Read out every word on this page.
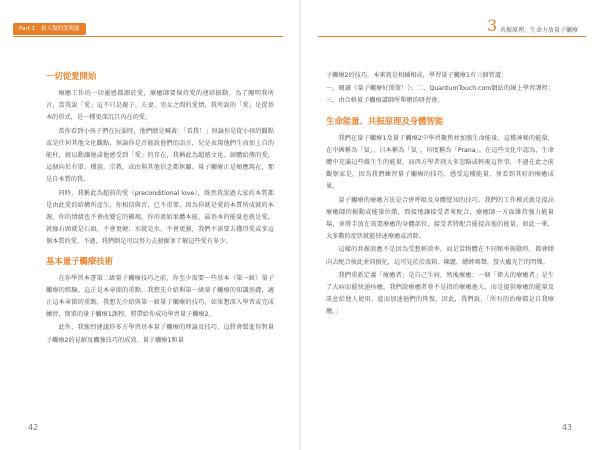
Part 1 新人類的愛與能	3 共振原理，生命力放量子觸療
一切從愛開始

療癒工作的一切靈感都源於愛，療癒師要保持愛的連結振動。為了闡明我所言，當我說「愛」這不只是親子、夫妻、男女之間的愛情，我所說的「愛」是從基本的形式，是一種更深沉且內在的愛。

當你看到小孩子們在玩耍時，他們總是喊著：「看我！」無論你是從小孩的觀點或是任何其他文化觀點，無論你是否能說他們的語言，兒是表現他們生而加上自的能柱，就以動讓她或他感受到「愛」的存在，我稱此為超越文化、創體給傳的愛，這個向於有單、種族、宗教，或由與其他信念都無關。量子觸療正是順應現在，那是自本質的我。

同時，我稱此為超前的愛（preconditional love），既然我說過大家的本質都是由此愛的結構所產生，你相信與否，已不重要。因為你就是愛的本質所成就的本源，你的情緒也不會改變它的顯現。你的流如果體本能，最基本的能量也就是愛，就像石頭就是石頭，不會更硬；水就是水，不會更濕，我們不需要去獲得愛或多這個本質的愛。不過，我們倒是可以努力去發掘並了解這些愛有多少。

基本量子觸療技術

在你學習本書第二級量子觸療技巧之前，你至少需要一些基本（第一級）量子觸療的經驗。這正是本章節的重點，我想先介紹與第一級量子觸療的知識基礎，適正這本章節的重點，我想先介紹與第一級量子觸療的技巧，如果想深入學習或完成練習，簡單的量子觸療1課程，將帶給你成功學習量子觸療2。

此外，我強烈建議你多方學習基本量子觸療的理論及技巧，這將會幫進你對量子觸療2的見解及觸強技巧的成效。量子觸療1和量

子觸療2的技巧，本來就是相輔相成，學習量子觸療1有三個管道：

一、閱讀《量子觸療好簡單！》；二、QuantumTouch.com網站的線上學習課程；三、由合格量子觸療講師所舉辦的研習會。

生命能量、共振原理及身體智能

我們在量子觸療1及量子觸療2中學習聚焦並加強生命能量，這種神秘的能量，在中國稱為「氣」，日本稱為「氣」，印度稱為「Prana」。在這些文化中認為，生命體中充滿這些維生生的能量，而西方學者則大多忽略或輕視這件事，不過在此之前觀察家是，因為我們練習量子觸療的技巧，感受這種能量，並看到其好的療癒成果。

量子觸療的療癒方法是合併呼吸及身體覺知的技巧。我們的工作模式就是提高療癒師的振動或能量位階，間接地讓接受者來配合，療癒師一方面維持強力能量場，並將手放在需要療癒的身體部位，接受者將配合能提高他的能量，如此一來，大多數的症狀就能快速療癒或消除。

這樣的共振效應不是因為受想輕效率，而是當物體在不同頻率振動時，都會傾向去配合彼此並同振化，這可見於於波箱、陳麗、蟋蟀鳴聲，螢火蟲光芒的閃爍。

我們重新定義「療癒者」是自己生病，然後療癒；一個「偉大的療癒者」是生了大病而能快速痊癒。我們說療癒者並不是指的療癒他人，而是提供療癒的能量及訊息給他人使用，進而加速他們的恢復，因此，我們說，「所有的治療都是自我療癒。」

42	43
